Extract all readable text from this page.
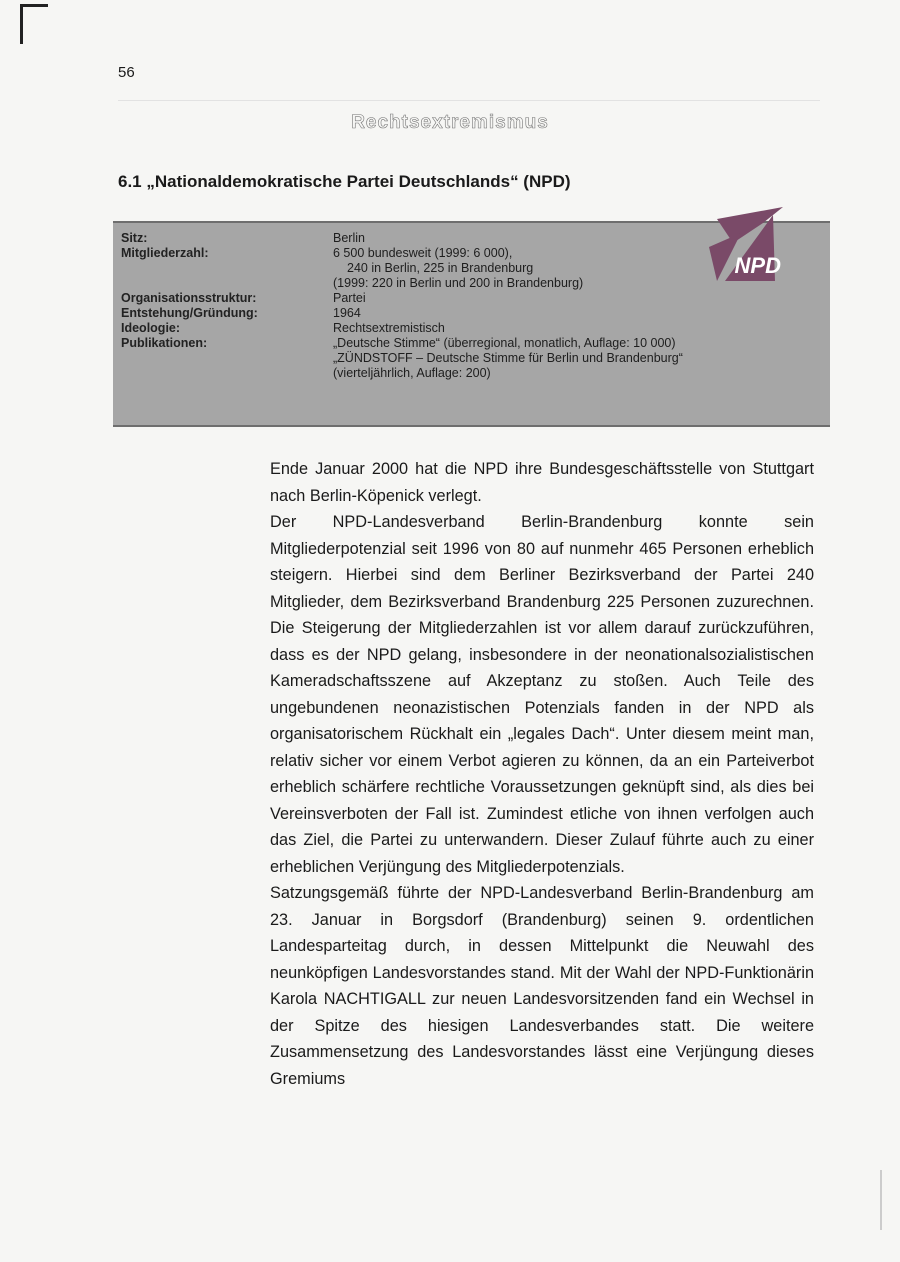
56
Rechtsextremismus
6.1 „Nationaldemokratische Partei Deutschlands“ (NPD)
Sitz:
Mitgliederzahl:
Organisationsstruktur:
Entstehung/Gründung:
Ideologie:
Publikationen:
Berlin
6 500 bundesweit (1999: 6 000),
240 in Berlin, 225 in Brandenburg
(1999: 220 in Berlin und 200 in Brandenburg)
Partei
1964
Rechtsextremistisch
„Deutsche Stimme“ (überregional, monatlich, Auflage: 10 000)
„ZÜNDSTOFF – Deutsche Stimme für Berlin und Brandenburg“
(vierteljährlich, Auflage: 200)
NPD

Ende Januar 2000 hat die NPD ihre Bundesgeschäftsstelle von Stuttgart nach Berlin-Köpenick verlegt.

Der NPD-Landesverband Berlin-Brandenburg konnte sein Mitgliederpotenzial seit 1996 von 80 auf nunmehr 465 Personen erheblich steigern. Hierbei sind dem Berliner Bezirksverband der Partei 240 Mitglieder, dem Bezirksverband Brandenburg 225 Personen zuzurechnen. Die Steigerung der Mitgliederzahlen ist vor allem darauf zurückzuführen, dass es der NPD gelang, insbesondere in der neonationalsozialistischen Kameradschaftsszene auf Akzeptanz zu stoßen. Auch Teile des ungebundenen neonazistischen Potenzials fanden in der NPD als organisatorischem Rückhalt ein „legales Dach“. Unter diesem meint man, relativ sicher vor einem Verbot agieren zu können, da an ein Parteiverbot erheblich schärfere rechtliche Voraussetzungen geknüpft sind, als dies bei Vereinsverboten der Fall ist. Zumindest etliche von ihnen verfolgen auch das Ziel, die Partei zu unterwandern. Dieser Zulauf führte auch zu einer erheblichen Verjüngung des Mitgliederpotenzials.

Satzungsgemäß führte der NPD-Landesverband Berlin-Brandenburg am 23. Januar in Borgsdorf (Brandenburg) seinen 9. ordentlichen Landesparteitag durch, in dessen Mittelpunkt die Neuwahl des neunköpfigen Landesvorstandes stand. Mit der Wahl der NPD-Funktionärin Karola NACHTIGALL zur neuen Landesvorsitzenden fand ein Wechsel in der Spitze des hiesigen Landesverbandes statt. Die weitere Zusammensetzung des Landesvorstandes lässt eine Verjüngung dieses Gremiums
